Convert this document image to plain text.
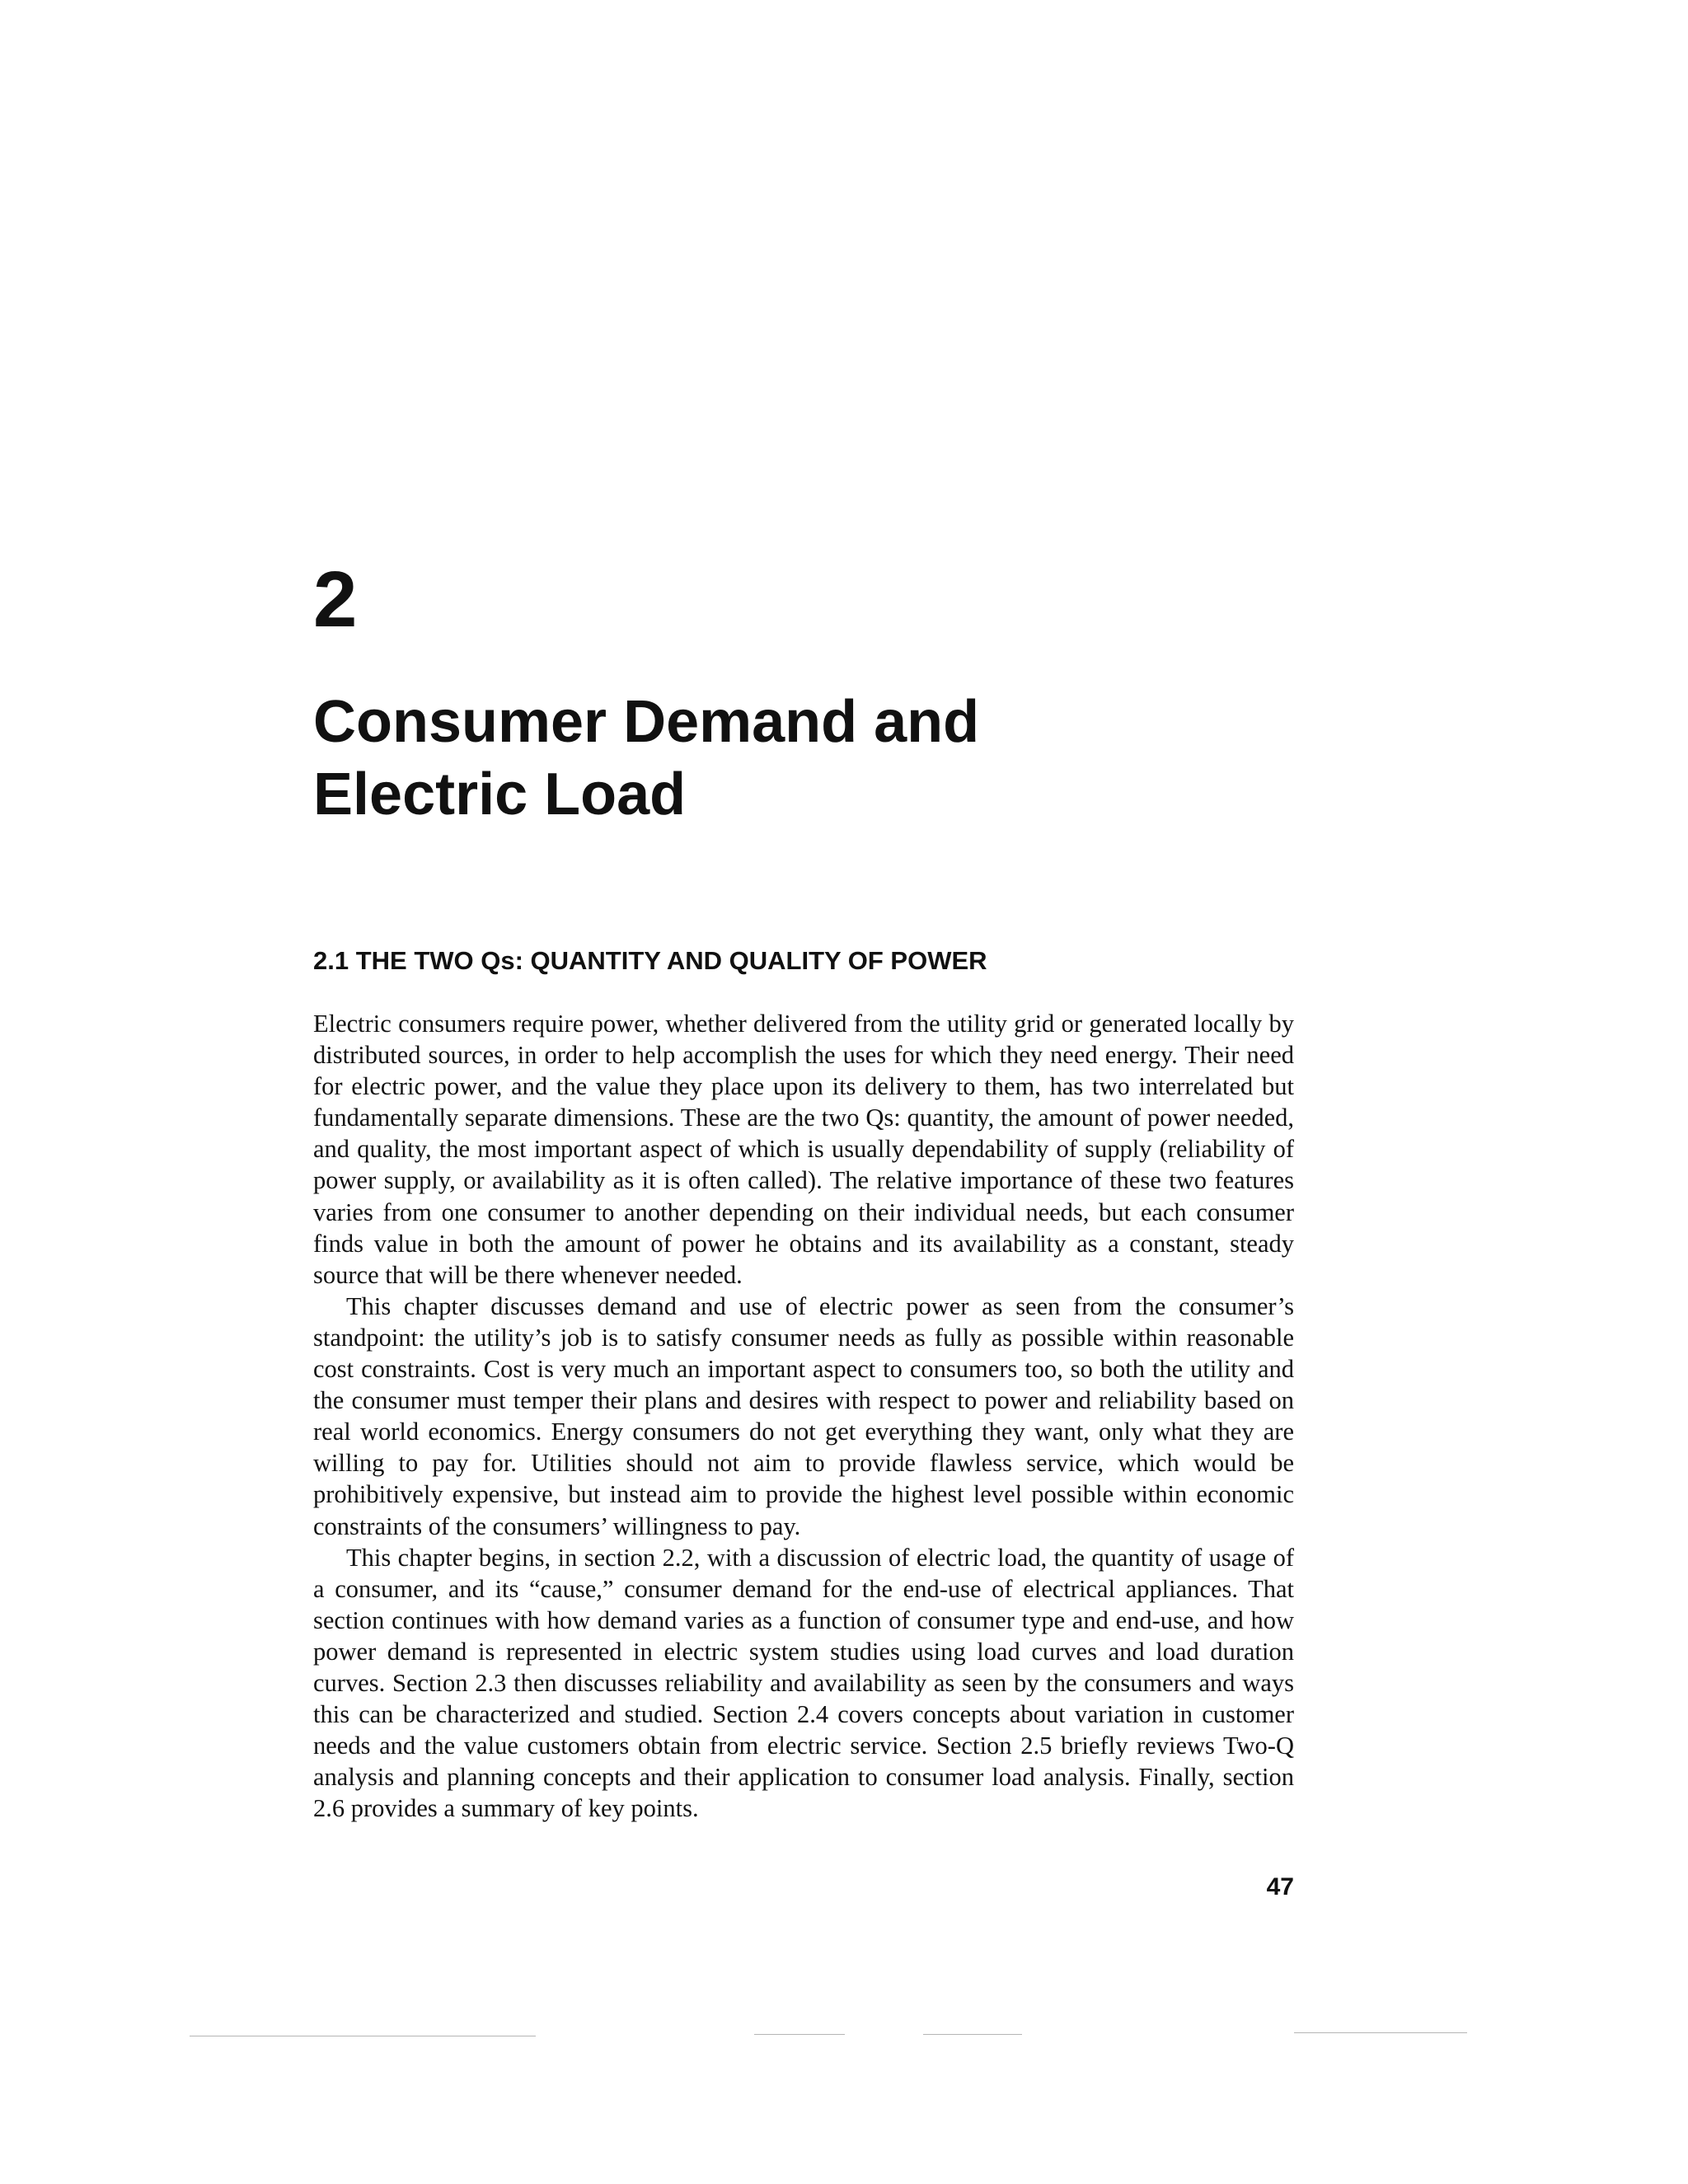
2
Consumer Demand and
Electric Load
2.1 THE TWO Qs: QUANTITY AND QUALITY OF POWER

Electric consumers require power, whether delivered from the utility grid or generated locally by distributed sources, in order to help accomplish the uses for which they need energy. Their need for electric power, and the value they place upon its delivery to them, has two interrelated but fundamentally separate dimensions. These are the two Qs: quantity, the amount of power needed, and quality, the most important aspect of which is usually dependability of supply (reliability of power supply, or availability as it is often called). The relative importance of these two features varies from one consumer to another depending on their individual needs, but each consumer finds value in both the amount of power he obtains and its availability as a constant, steady source that will be there whenever needed.

This chapter discusses demand and use of electric power as seen from the consumer’s standpoint: the utility’s job is to satisfy consumer needs as fully as possible within reasonable cost constraints. Cost is very much an important aspect to consumers too, so both the utility and the consumer must temper their plans and desires with respect to power and reliability based on real world economics. Energy consumers do not get everything they want, only what they are willing to pay for. Utilities should not aim to provide flawless service, which would be prohibitively expensive, but instead aim to provide the highest level possible within economic constraints of the consumers’ willingness to pay.

This chapter begins, in section 2.2, with a discussion of electric load, the quantity of usage of a consumer, and its “cause,” consumer demand for the end-use of electrical appliances. That section continues with how demand varies as a function of consumer type and end-use, and how power demand is represented in electric system studies using load curves and load duration curves. Section 2.3 then discusses reliability and availability as seen by the consumers and ways this can be characterized and studied. Section 2.4 covers concepts about variation in customer needs and the value customers obtain from electric service. Section 2.5 briefly reviews Two-Q analysis and planning concepts and their application to consumer load analysis. Finally, section 2.6 provides a summary of key points.

47
